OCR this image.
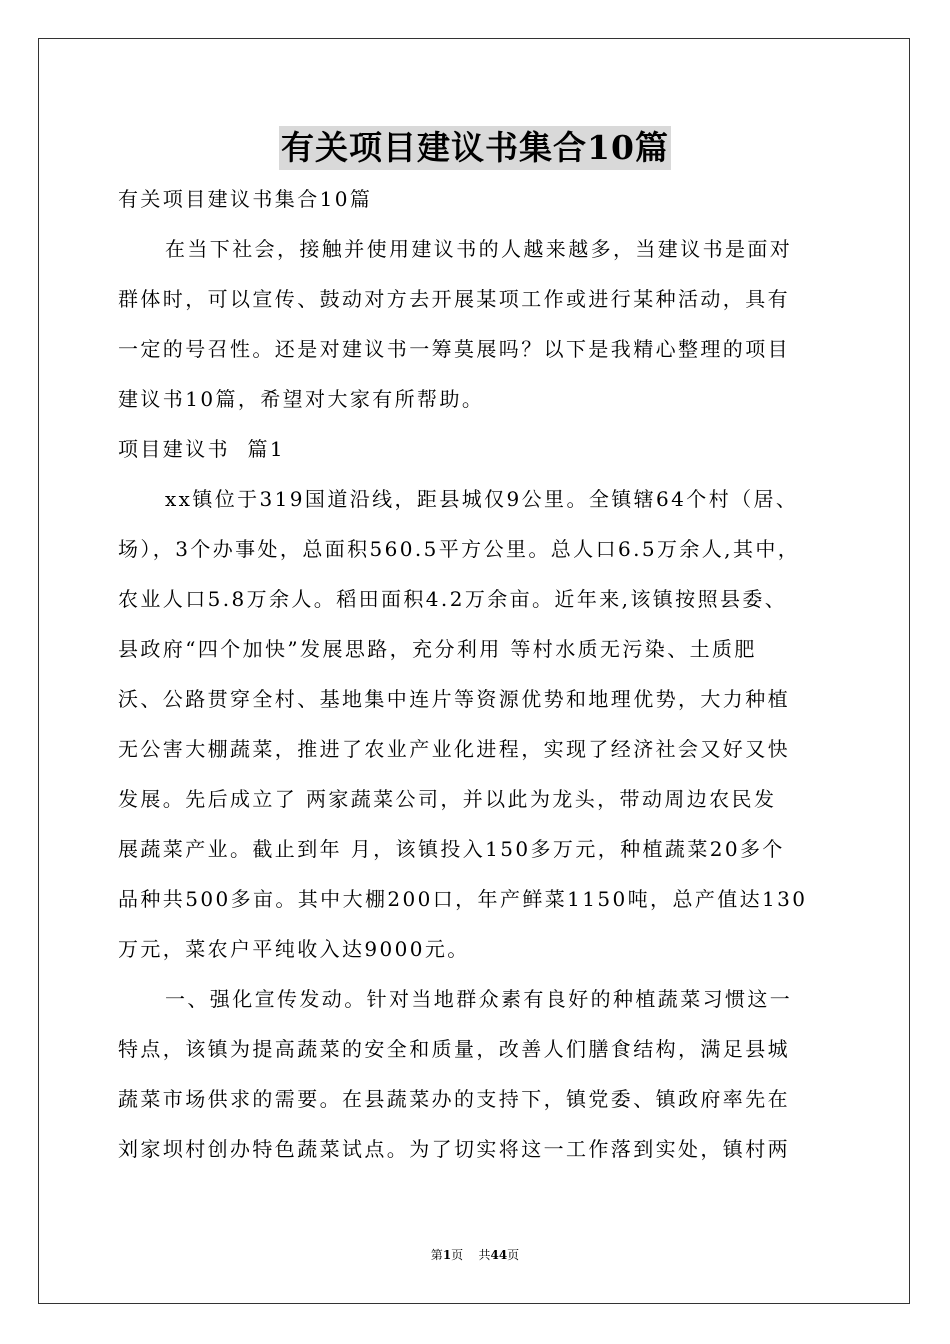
有关项目建议书集合10篇
有关项目建议书集合10篇
在当下社会，接触并使用建议书的人越来越多，当建议书是面对
群体时，可以宣传、鼓动对方去开展某项工作或进行某种活动，具有
一定的号召性。还是对建议书一筹莫展吗？以下是我精心整理的项目
建议书10篇，希望对大家有所帮助。
项目建议书  篇1
xx镇位于319国道沿线，距县城仅9公里。全镇辖64个村（居、
场），3个办事处，总面积560.5平方公里。总人口6.5万余人,其中，
农业人口5.8万余人。稻田面积4.2万余亩。近年来,该镇按照县委、
县政府“四个加快”发展思路，充分利用 等村水质无污染、土质肥
沃、公路贯穿全村、基地集中连片等资源优势和地理优势，大力种植
无公害大棚蔬菜，推进了农业产业化进程，实现了经济社会又好又快
发展。先后成立了 两家蔬菜公司，并以此为龙头，带动周边农民发
展蔬菜产业。截止到年 月，该镇投入150多万元，种植蔬菜20多个
品种共500多亩。其中大棚200口，年产鲜菜1150吨，总产值达130
万元，菜农户平纯收入达9000元。
一、强化宣传发动。针对当地群众素有良好的种植蔬菜习惯这一
特点，该镇为提高蔬菜的安全和质量，改善人们膳食结构，满足县城
蔬菜市场供求的需要。在县蔬菜办的支持下，镇党委、镇政府率先在
刘家坝村创办特色蔬菜试点。为了切实将这一工作落到实处，镇村两
第1页 共44页
